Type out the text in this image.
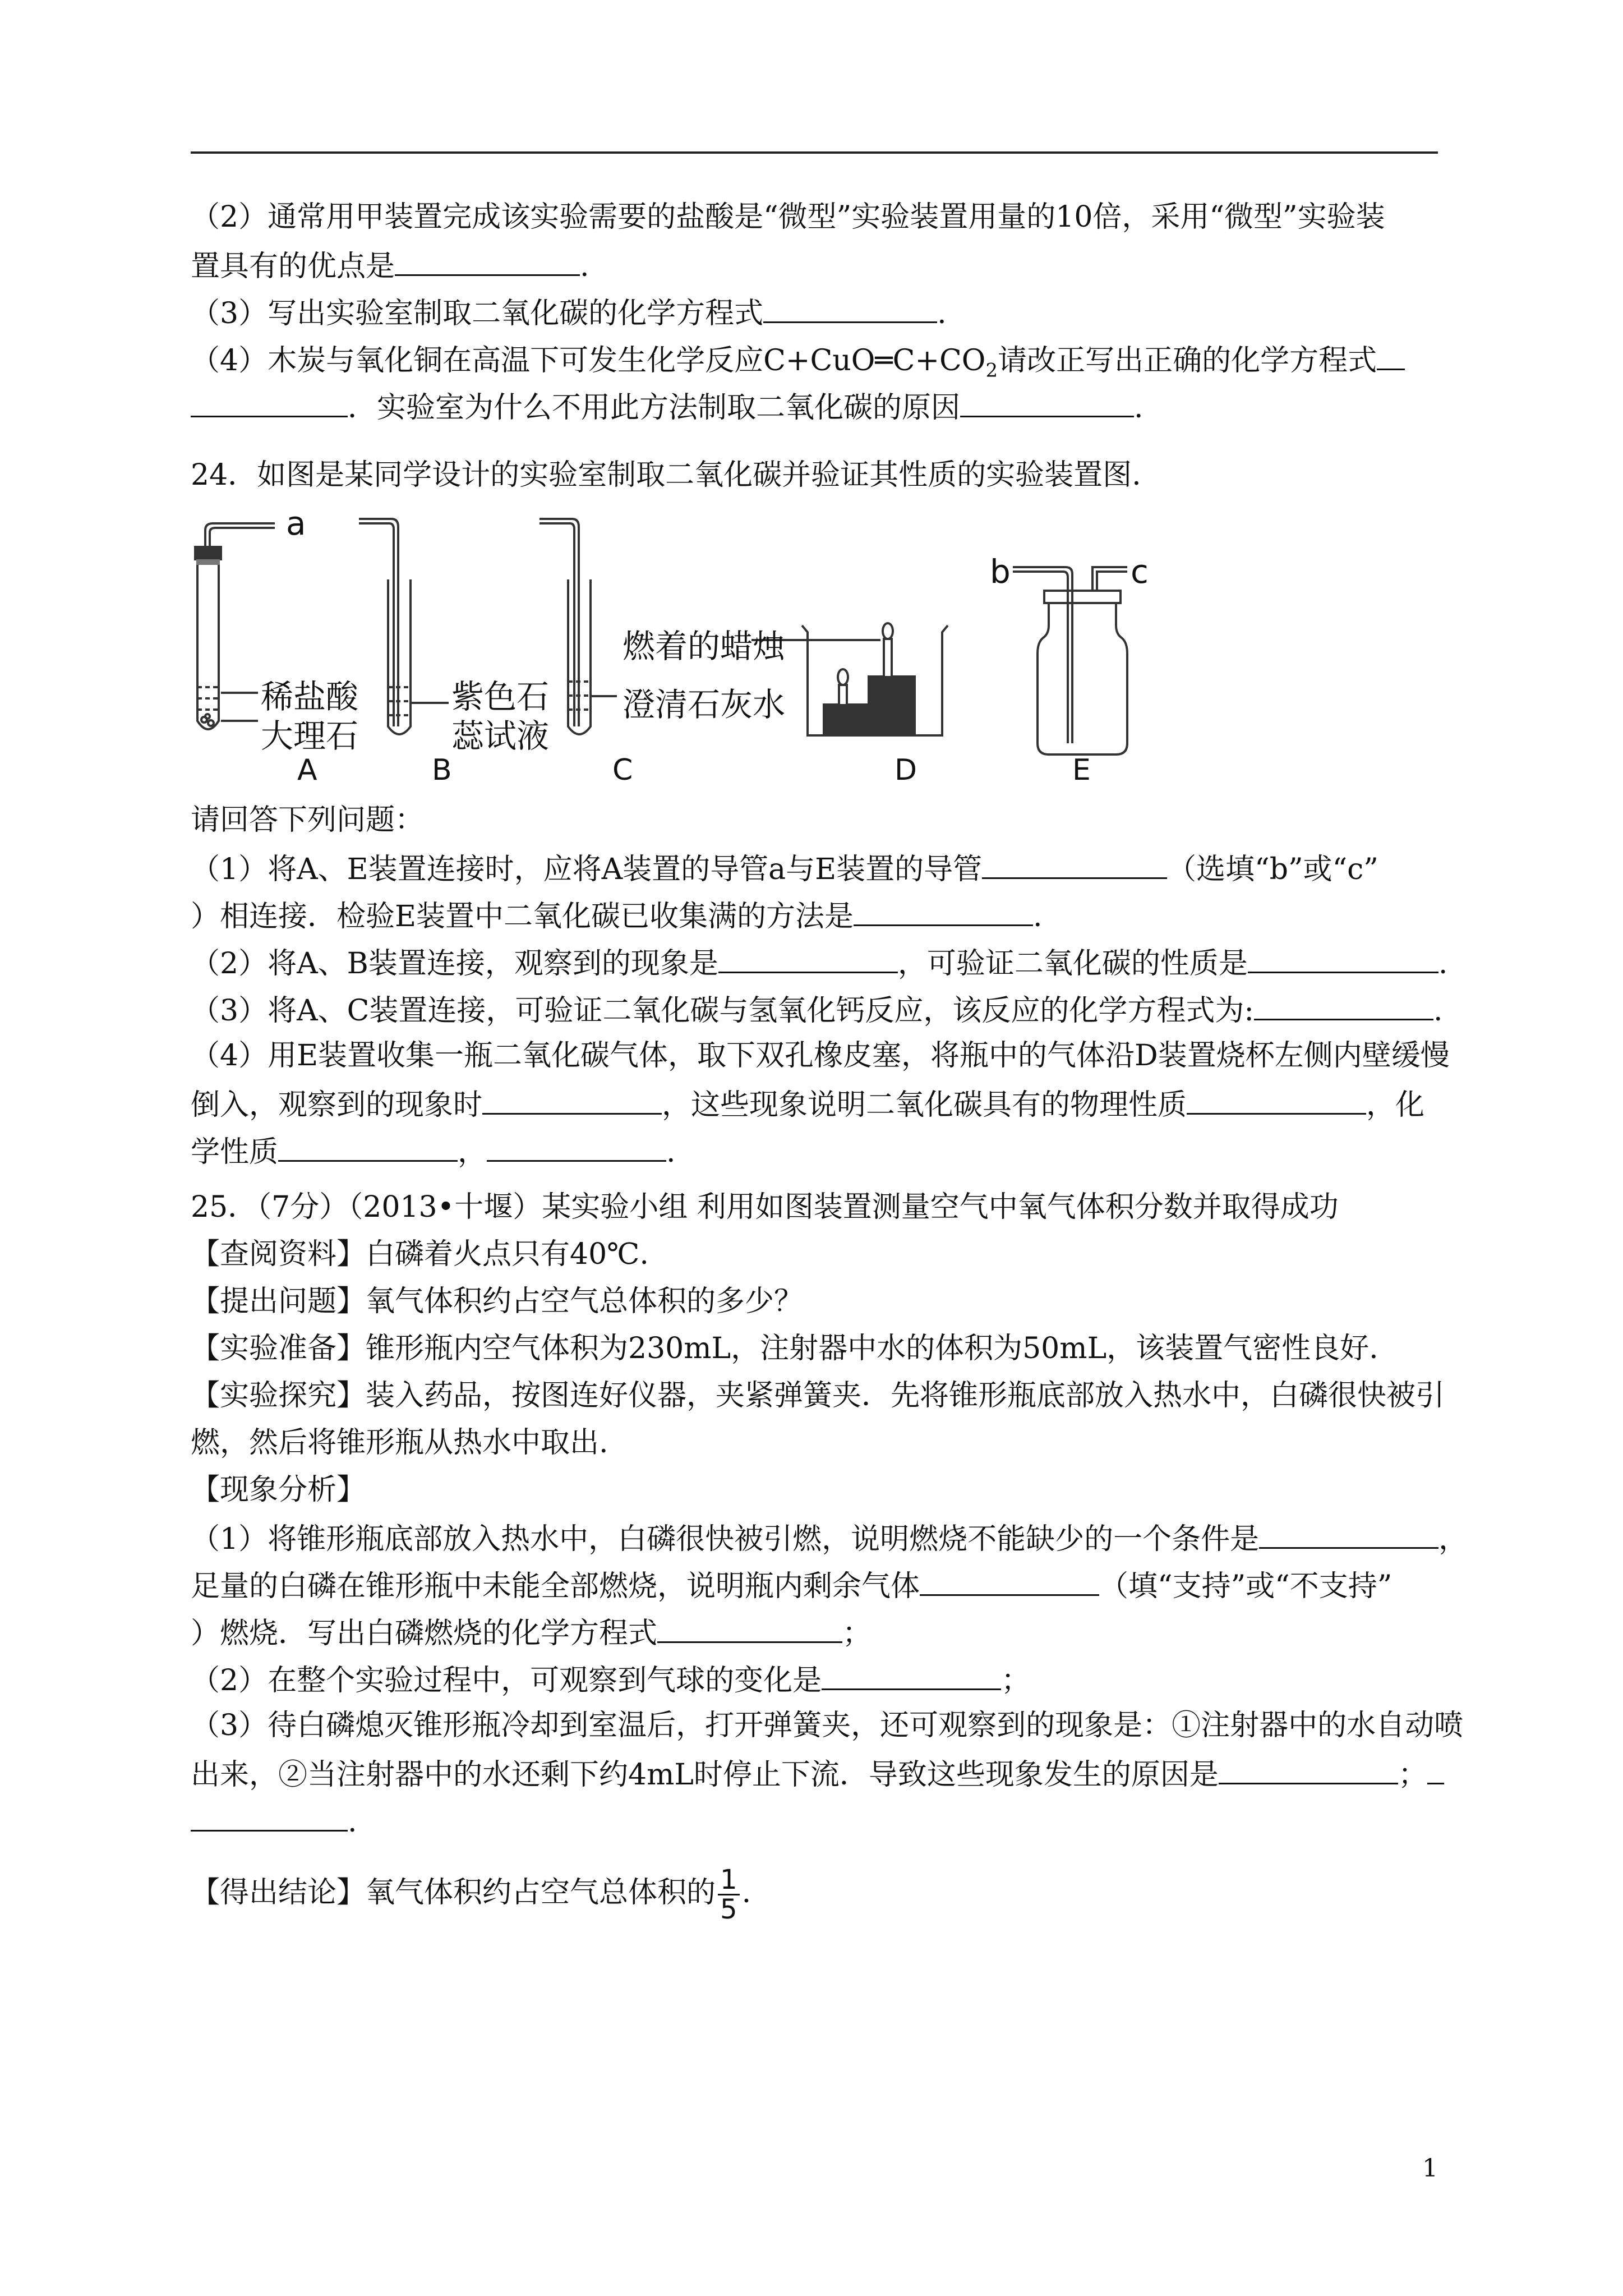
（2）通常用甲装置完成该实验需要的盐酸是“微型”实验装置用量的10倍，采用“微型”实验装
置具有的优点是	.
（3）写出实验室制取二氧化碳的化学方程式	.
（4）木炭与氧化铜在高温下可发生化学反应$C+CuO═C+CO_2$请改正写出正确的化学方程式
．实验室为什么不用此方法制取二氧化碳的原因	.
24．如图是某同学设计的实验室制取二氧化碳并验证其性质的实验装置图.
a
b	c
稀盐酸
大理石
紫色石
蕊试液
燃着的蜡烛
澄清石灰水
A	B	C	D	E
请回答下列问题：
（1）将A、E装置连接时，应将A装置的导管a与E装置的导管	（选填“b”或“c”
）相连接．检验E装置中二氧化碳已收集满的方法是	.
（2）将A、B装置连接，观察到的现象是	，可验证二氧化碳的性质是	.
（3）将A、C装置连接，可验证二氧化碳与氢氧化钙反应，该反应的化学方程式为:	.
（4）用E装置收集一瓶二氧化碳气体，取下双孔橡皮塞，将瓶中的气体沿D装置烧杯左侧内壁缓慢
倒入，观察到的现象时	，这些现象说明二氧化碳具有的物理性质	，化
学性质	，	.
25．（7分）（2013•十堰）某实验小组 利用如图装置测量空气中氧气体积分数并取得成功
【查阅资料】白磷着火点只有40℃.
【提出问题】氧气体积约占空气总体积的多少？
【实验准备】锥形瓶内空气体积为230mL，注射器中水的体积为50mL，该装置气密性良好.
【实验探究】装入药品，按图连好仪器，夹紧弹簧夹．先将锥形瓶底部放入热水中，白磷很快被引
燃，然后将锥形瓶从热水中取出.
【现象分析】
（1）将锥形瓶底部放入热水中，白磷很快被引燃，说明燃烧不能缺少的一个条件是	，
足量的白磷在锥形瓶中未能全部燃烧，说明瓶内剩余气体	（填“支持”或“不支持”
）燃烧．写出白磷燃烧的化学方程式	；
（2）在整个实验过程中，可观察到气球的变化是	；
（3）待白磷熄灭锥形瓶冷却到室温后，打开弹簧夹，还可观察到的现象是：①注射器中的水自动喷
出来，②当注射器中的水还剩下约4mL时停止下流．导致这些现象发生的原因是	；
.
【得出结论】氧气体积约占空气总体积的 $\frac{1}{5}$ .
1
